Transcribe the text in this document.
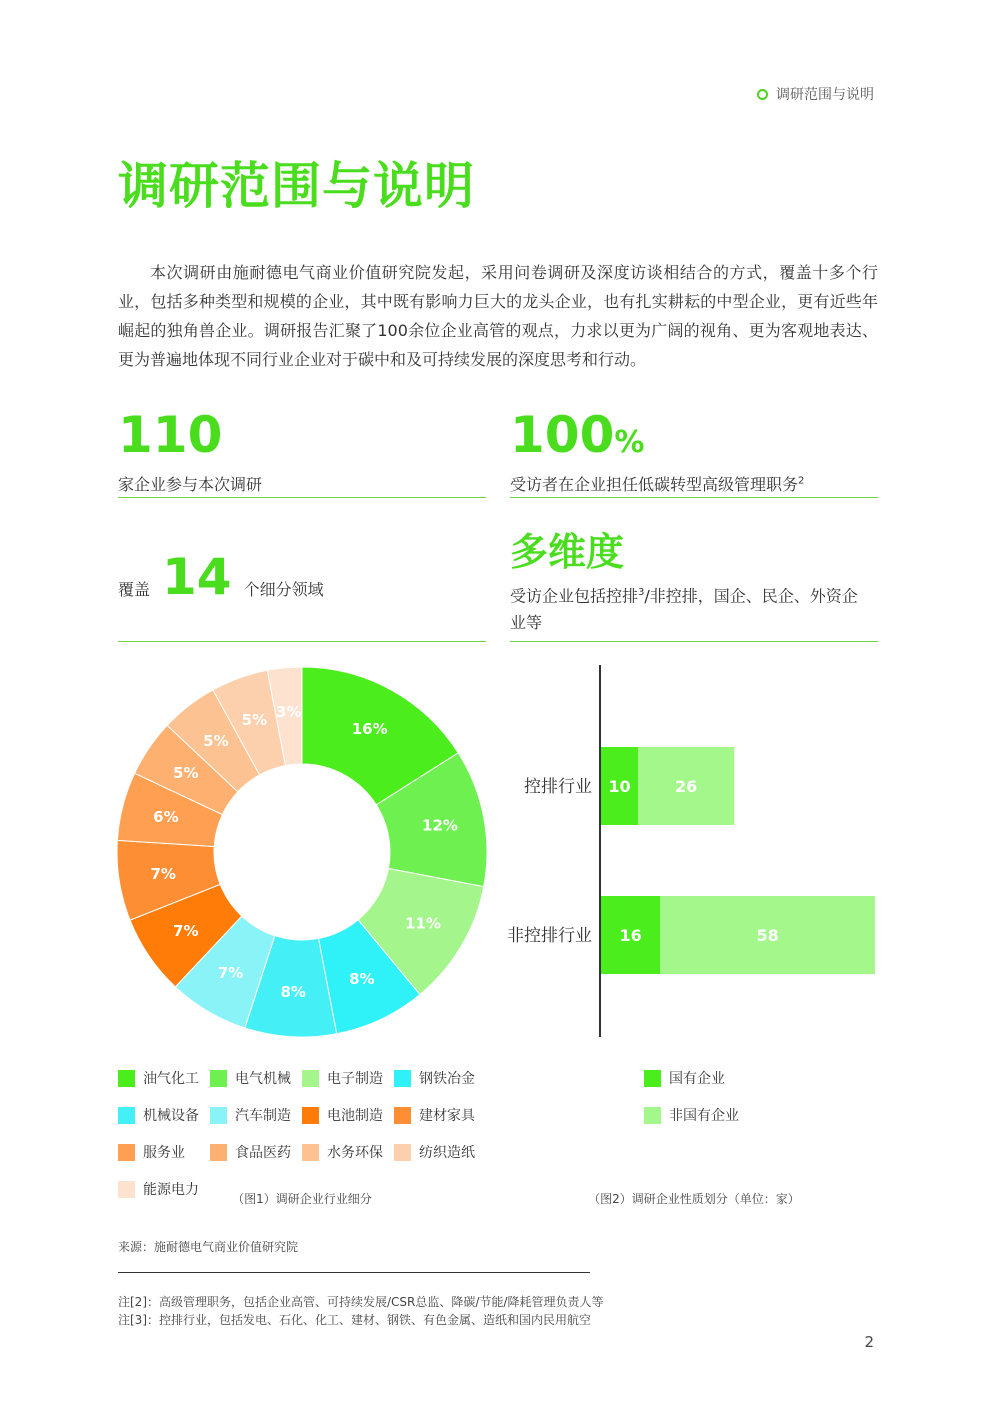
调研范围与说明
调研范围与说明

本次调研由施耐德电气商业价值研究院发起，采用问卷调研及深度访谈相结合的方式，覆盖十多个行业，包括多种类型和规模的企业，其中既有影响力巨大的龙头企业，也有扎实耕耘的中型企业，更有近些年崛起的独角兽企业。调研报告汇聚了100余位企业高管的观点，力求以更为广阔的视角、更为客观地表达、更为普遍地体现不同行业企业对于碳中和及可持续发展的深度思考和行动。

110
家企业参与本次调研
100%
受访者在企业担任低碳转型高级管理职务$^2$
覆盖 14 个细分领域
多维度
受访企业包括控排$^3$/非控排，国企、民企、外资企业等
16%
12%
11%
8%
8%
7%
7%
7%
6%
5%
5%
5% 3%
油气化工	电气机械	电子制造	钢铁冶金
机械设备	汽车制造	电池制造	建材家具
服务业	食品医药	水务环保	纺织造纸
能源电力
控排行业 10	26
非控排行业 16	58
国有企业
非国有企业
（图1）调研企业行业细分	（图2）调研企业性质划分（单位：家）
来源：施耐德电气商业价值研究院
注[2]：高级管理职务，包括企业高管、可持续发展/CSR总监、降碳/节能/降耗管理负责人等
注[3]：控排行业，包括发电、石化、化工、建材、钢铁、有色金属、造纸和国内民用航空
2
